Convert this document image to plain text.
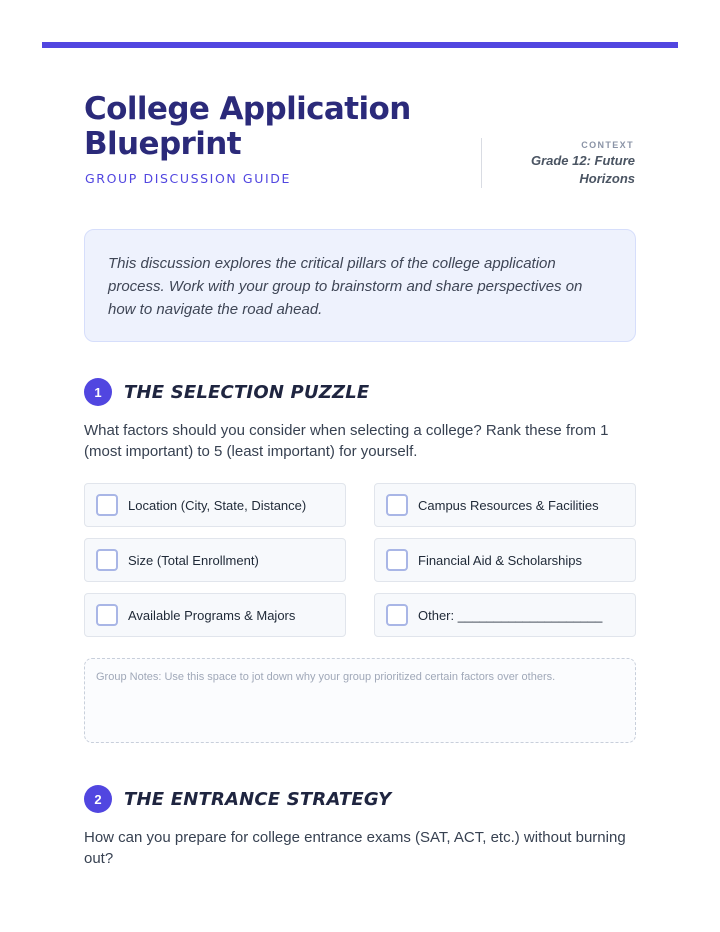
College Application Blueprint
GROUP DISCUSSION GUIDE
CONTEXT
Grade 12: Future Horizons

This discussion explores the critical pillars of the college application process. Work with your group to brainstorm and share perspectives on how to navigate the road ahead.

1	THE SELECTION PUZZLE

What factors should you consider when selecting a college? Rank these from 1 (most important) to 5 (least important) for yourself.

Location (City, State, Distance)	Campus Resources & Facilities
Size (Total Enrollment)	Financial Aid & Scholarships
Available Programs & Majors	Other: ____________________
Group Notes: Use this space to jot down why your group prioritized certain factors over others.
2	THE ENTRANCE STRATEGY

How can you prepare for college entrance exams (SAT, ACT, etc.) without burning out?
